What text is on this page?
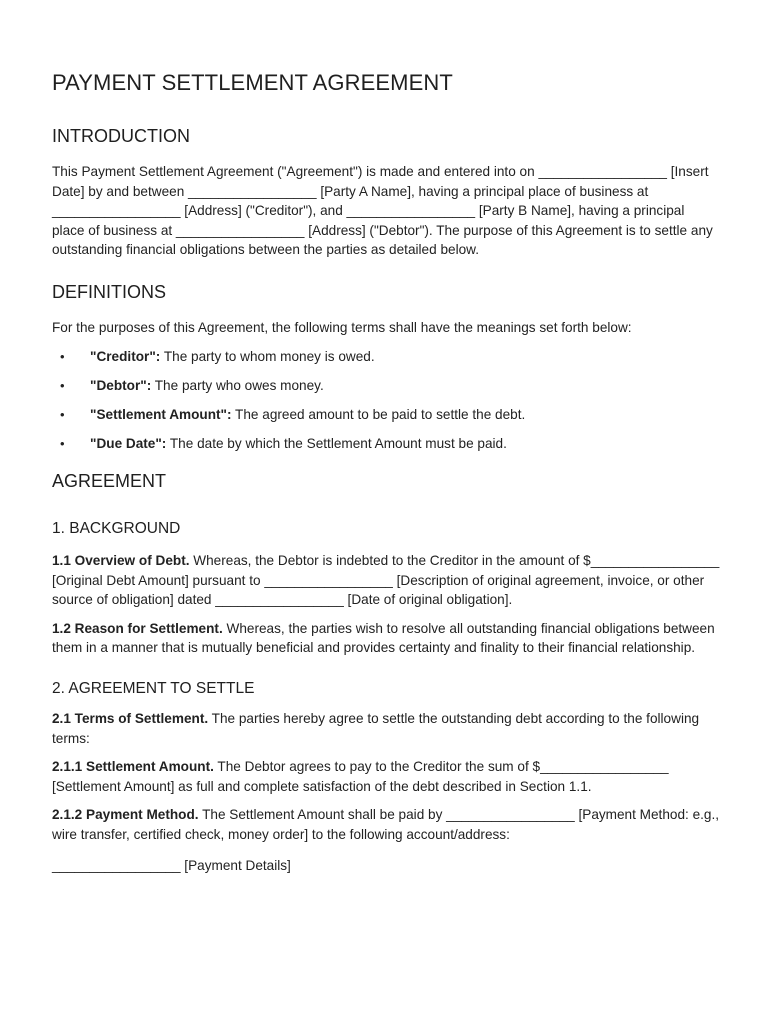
PAYMENT SETTLEMENT AGREEMENT
INTRODUCTION

This Payment Settlement Agreement ("Agreement") is made and entered into on _________________ [Insert Date] by and between _________________ [Party A Name], having a principal place of business at _________________ [Address] ("Creditor"), and _________________ [Party B Name], having a principal place of business at _________________ [Address] ("Debtor"). The purpose of this Agreement is to settle any outstanding financial obligations between the parties as detailed below.

DEFINITIONS

For the purposes of this Agreement, the following terms shall have the meanings set forth below:

• "Creditor": The party to whom money is owed.
• "Debtor": The party who owes money.
• "Settlement Amount": The agreed amount to be paid to settle the debt.
• "Due Date": The date by which the Settlement Amount must be paid.
AGREEMENT
1. BACKGROUND

1.1 Overview of Debt. Whereas, the Debtor is indebted to the Creditor in the amount of $_________________ [Original Debt Amount] pursuant to _________________ [Description of original agreement, invoice, or other source of obligation] dated _________________ [Date of original obligation].

1.2 Reason for Settlement. Whereas, the parties wish to resolve all outstanding financial obligations between them in a manner that is mutually beneficial and provides certainty and finality to their financial relationship.

2. AGREEMENT TO SETTLE

2.1 Terms of Settlement. The parties hereby agree to settle the outstanding debt according to the following terms:

2.1.1 Settlement Amount. The Debtor agrees to pay to the Creditor the sum of $_________________ [Settlement Amount] as full and complete satisfaction of the debt described in Section 1.1.

2.1.2 Payment Method. The Settlement Amount shall be paid by _________________ [Payment Method: e.g., wire transfer, certified check, money order] to the following account/address:

_________________ [Payment Details]
